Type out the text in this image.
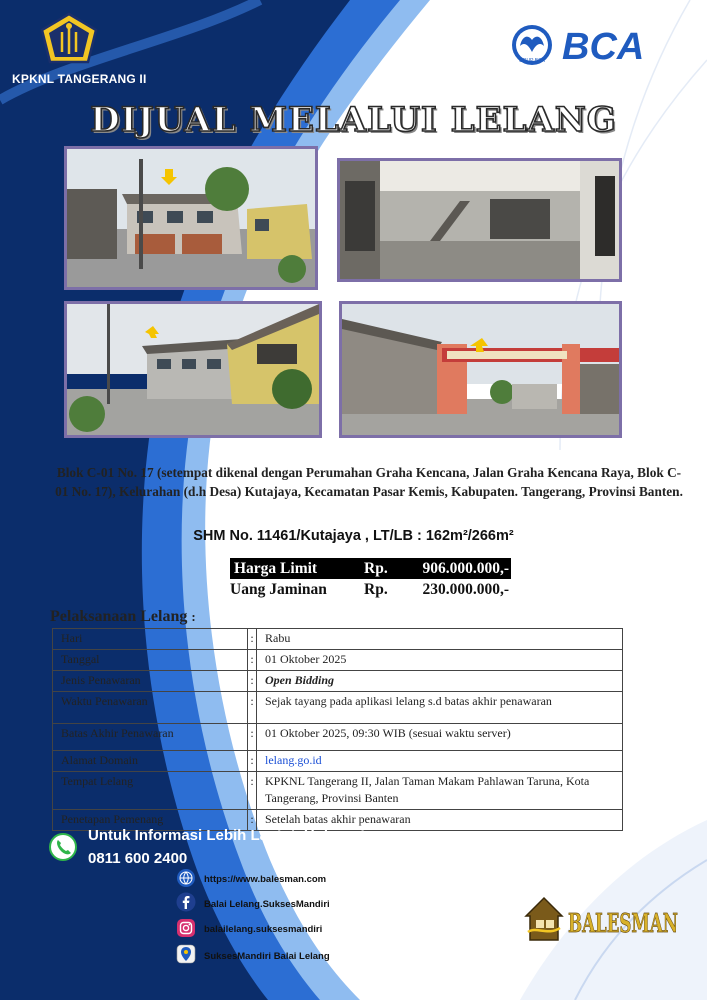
KPKNL TANGERANG II
GRUP BCA BCA
DIJUAL MELALUI LELANG
Blok C-01 No. 17 (setempat dikenal dengan Perumahan Graha Kencana, Jalan Graha Kencana Raya, Blok C-01 No. 17), Kelurahan (d.h Desa) Kutajaya, Kecamatan Pasar Kemis, Kabupaten. Tangerang, Provinsi Banten.
SHM No. 11461/Kutajaya , LT/LB : 162m²/266m²
Harga Limit	Rp. 906.000.000,-
Uang Jaminan Rp. 230.000.000,-
Pelaksanaan Lelang :
Hari	:	Rabu
Tanggal	:	01 Oktober 2025
Jenis Penawaran	:	Open Bidding
Waktu Penawaran	:	Sejak tayang pada aplikasi lelang s.d batas akhir penawaran
Batas Akhir Penawaran	:	01 Oktober 2025, 09:30 WIB (sesuai waktu server)
Alamat Domain	:	lelang.go.id
Tempat Lelang	:	KPKNL Tangerang II, Jalan Taman Makam Pahlawan Taruna, Kota Tangerang, Provinsi Banten
Penetapan Pemenang	:	Setelah batas akhir penawaran
Untuk Informasi Lebih Lanjut, Hubungi :
0811 600 2400
https://www.balesman.com
Balai Lelang.SuksesMandiri
balailelang.suksesmandiri
SuksesMandiri Balai Lelang
BALESMAN
